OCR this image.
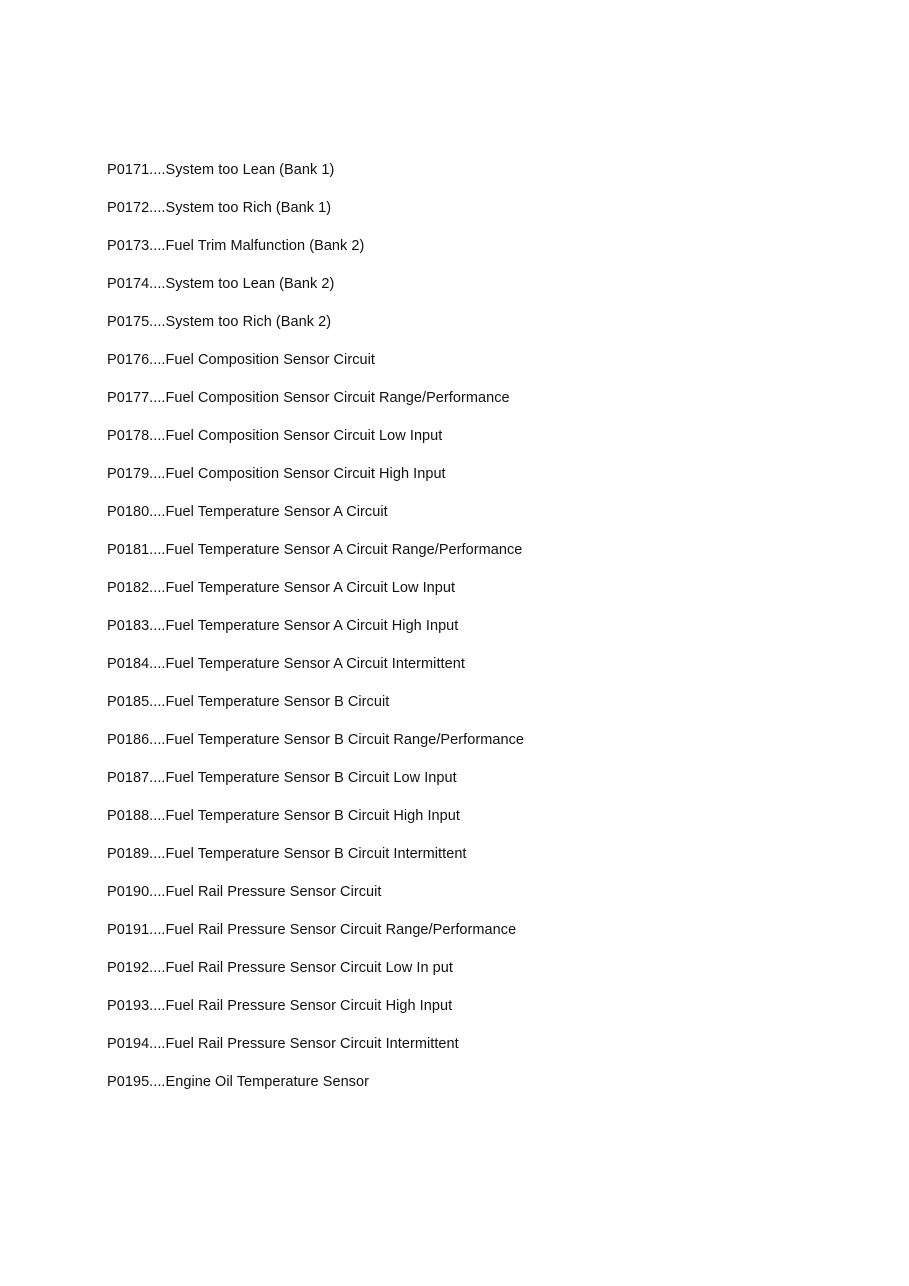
P0171....System too Lean (Bank 1)
P0172....System too Rich (Bank 1)
P0173....Fuel Trim Malfunction (Bank 2)
P0174....System too Lean (Bank 2)
P0175....System too Rich (Bank 2)
P0176....Fuel Composition Sensor Circuit
P0177....Fuel Composition Sensor Circuit Range/Performance
P0178....Fuel Composition Sensor Circuit Low Input
P0179....Fuel Composition Sensor Circuit High Input
P0180....Fuel Temperature Sensor A Circuit
P0181....Fuel Temperature Sensor A Circuit Range/Performance
P0182....Fuel Temperature Sensor A Circuit Low Input
P0183....Fuel Temperature Sensor A Circuit High Input
P0184....Fuel Temperature Sensor A Circuit Intermittent
P0185....Fuel Temperature Sensor B Circuit
P0186....Fuel Temperature Sensor B Circuit Range/Performance
P0187....Fuel Temperature Sensor B Circuit Low Input
P0188....Fuel Temperature Sensor B Circuit High Input
P0189....Fuel Temperature Sensor B Circuit Intermittent
P0190....Fuel Rail Pressure Sensor Circuit
P0191....Fuel Rail Pressure Sensor Circuit Range/Performance
P0192....Fuel Rail Pressure Sensor Circuit Low In put
P0193....Fuel Rail Pressure Sensor Circuit High Input
P0194....Fuel Rail Pressure Sensor Circuit Intermittent
P0195....Engine Oil Temperature Sensor
